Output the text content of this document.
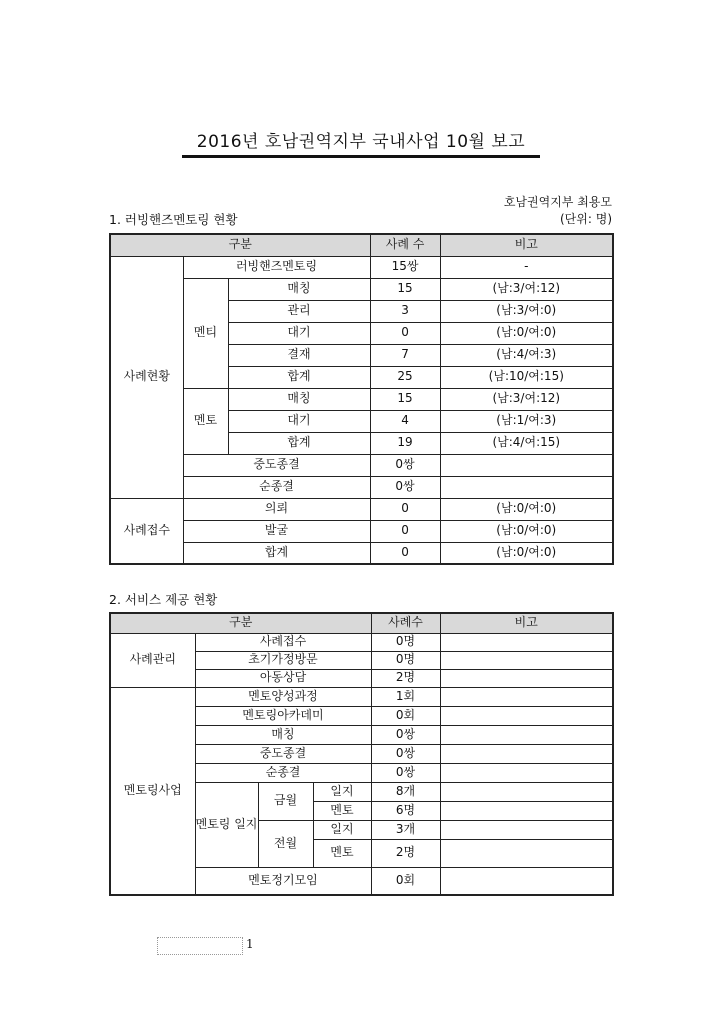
2016년 호남권역지부 국내사업 10월 보고
호남권역지부 최용모
1. 러빙핸즈멘토링 현황	(단위: 명)
구분			사례 수	비고
사례현황	러빙핸즈멘토링		15쌍	-
	멘티	매칭	15	(남:3/여:12)
		관리	3	(남:3/여:0)
		대기	0	(남:0/여:0)
		결재	7	(남:4/여:3)
		합계	25	(남:10/여:15)
	멘토	매칭	15	(남:3/여:12)
		대기	4	(남:1/여:3)
		합계	19	(남:4/여:15)
	중도종결		0쌍	
	순종결		0쌍	
사례접수	의뢰		0	(남:0/여:0)
	발굴		0	(남:0/여:0)
	합계		0	(남:0/여:0)
2. 서비스 제공 현황
구분				사례수	비고
사례관리	사례접수			0명	
	초기가정방문			0명	
	아동상담			2명	
멘토링사업	멘토양성과정			1회	
	멘토링아카데미			0회	
	매칭			0쌍	
	중도종결			0쌍	
	순종결			0쌍	
	멘토링 일지	금월	일지	8개	
			멘토	6명	
		전월	일지	3개	
			멘토	2명	
	멘토정기모임			0회	
1
